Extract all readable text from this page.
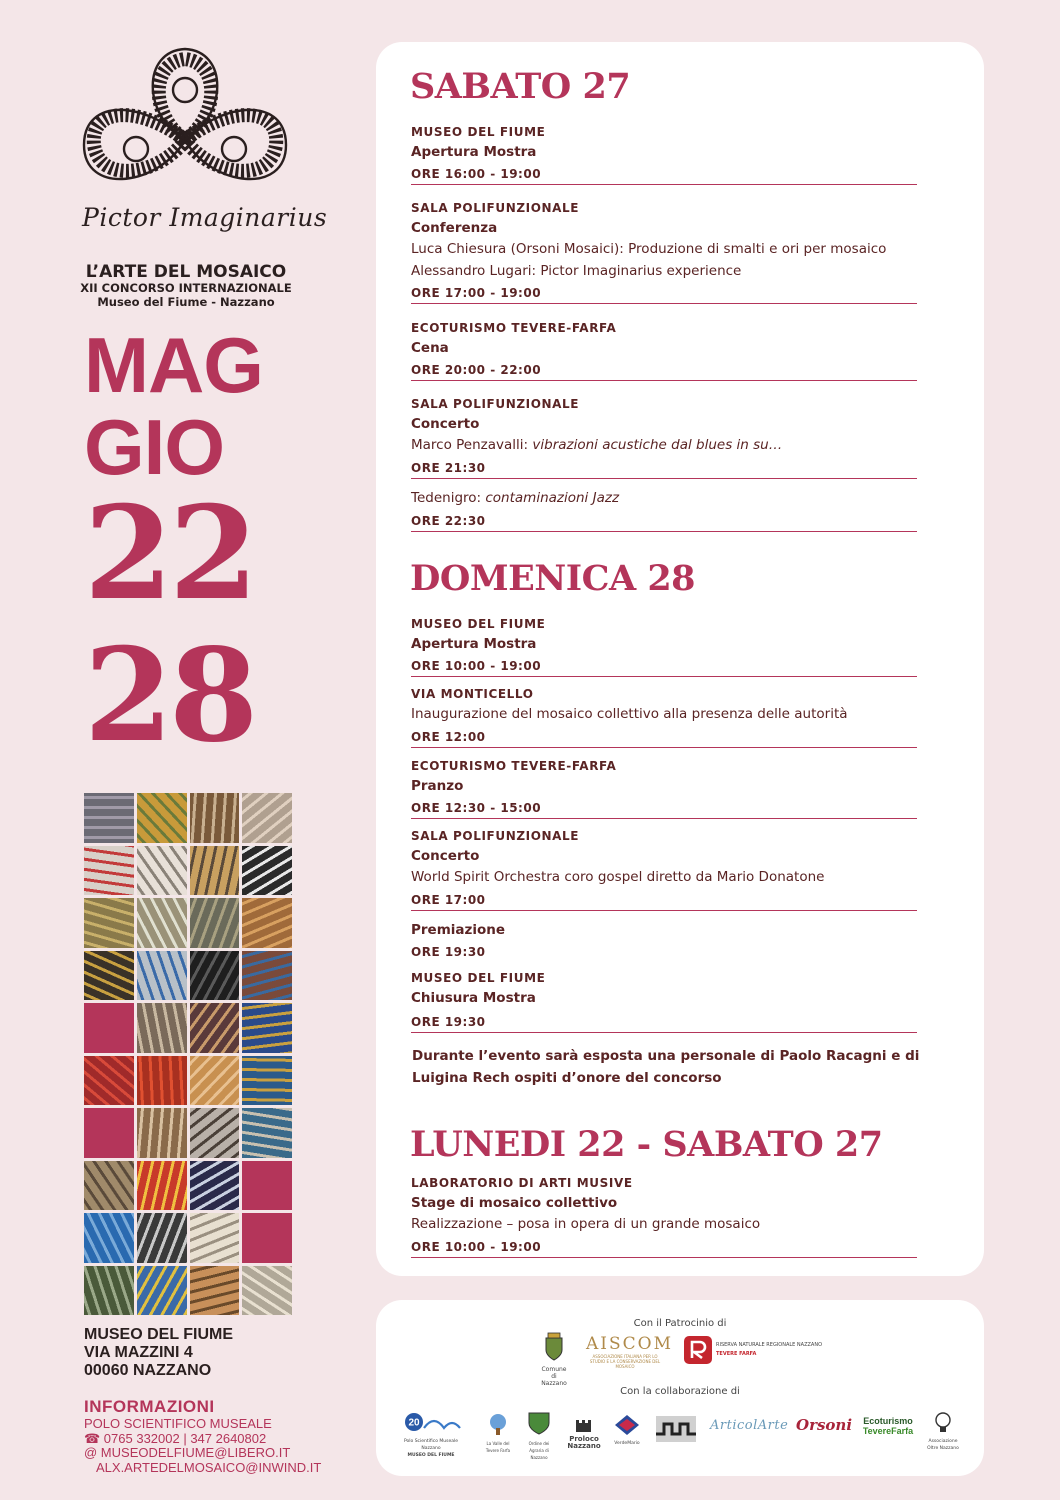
Pictor Imaginarius
L’ARTE DEL MOSAICO
XII CONCORSO INTERNAZIONALE
Museo del Fiume - Nazzano
MAG
GIO
22
28
MUSEO DEL FIUME
VIA MAZZINI 4
00060 NAZZANO
INFORMAZIONI
POLO SCIENTIFICO MUSEALE
☎ 0765 332002 | 347 2640802
@ MUSEODELFIUME@LIBERO.IT
ALX.ARTEDELMOSAICO@INWIND.IT
SABATO 27
MUSEO DEL FIUME
Apertura Mostra
ORE 16:00 - 19:00
SALA POLIFUNZIONALE
Conferenza
Luca Chiesura (Orsoni Mosaici): Produzione di smalti e ori per mosaico
Alessandro Lugari: Pictor Imaginarius experience
ORE 17:00 - 19:00
ECOTURISMO TEVERE-FARFA
Cena
ORE 20:00 - 22:00
SALA POLIFUNZIONALE
Concerto
Marco Penzavalli: vibrazioni acustiche dal blues in su…
ORE 21:30
Tedenigro: contaminazioni Jazz
ORE 22:30
DOMENICA 28
MUSEO DEL FIUME
Apertura Mostra
ORE 10:00 - 19:00
VIA MONTICELLO
Inaugurazione del mosaico collettivo alla presenza delle autorità
ORE 12:00
ECOTURISMO TEVERE-FARFA
Pranzo
ORE 12:30 - 15:00
SALA POLIFUNZIONALE
Concerto
World Spirit Orchestra coro gospel diretto da Mario Donatone
ORE 17:00
Premiazione
ORE 19:30
MUSEO DEL FIUME
Chiusura Mostra
ORE 19:30
Durante l’evento sarà esposta una personale di Paolo Racagni e di Luigina Rech ospiti d’onore del concorso
LUNEDI 22 - SABATO 27
LABORATORIO DI ARTI MUSIVE
Stage di mosaico collettivo
Realizzazione – posa in opera di un grande mosaico
ORE 10:00 - 19:00
Con il Patrocinio di
Comune di Nazzano
AISCOM
ASSOCIAZIONE ITALIANA PER LO STUDIO E LA CONSERVAZIONE DEL MOSAICO
RISERVA NATURALE REGIONALE NAZZANO
TEVERE FARFA
Con la collaborazione di
20
Polo Scientifico Museale Nazzano
MUSEO DEL FIUME
La Valle del Tevere Farfa
Ordine dei Agraria di Nazzano
Proloco Nazzano	VerdeMario
ArticolArte Orsoni	Ecoturismo
TevereFarfa
Associazione Oltre Nazzano
